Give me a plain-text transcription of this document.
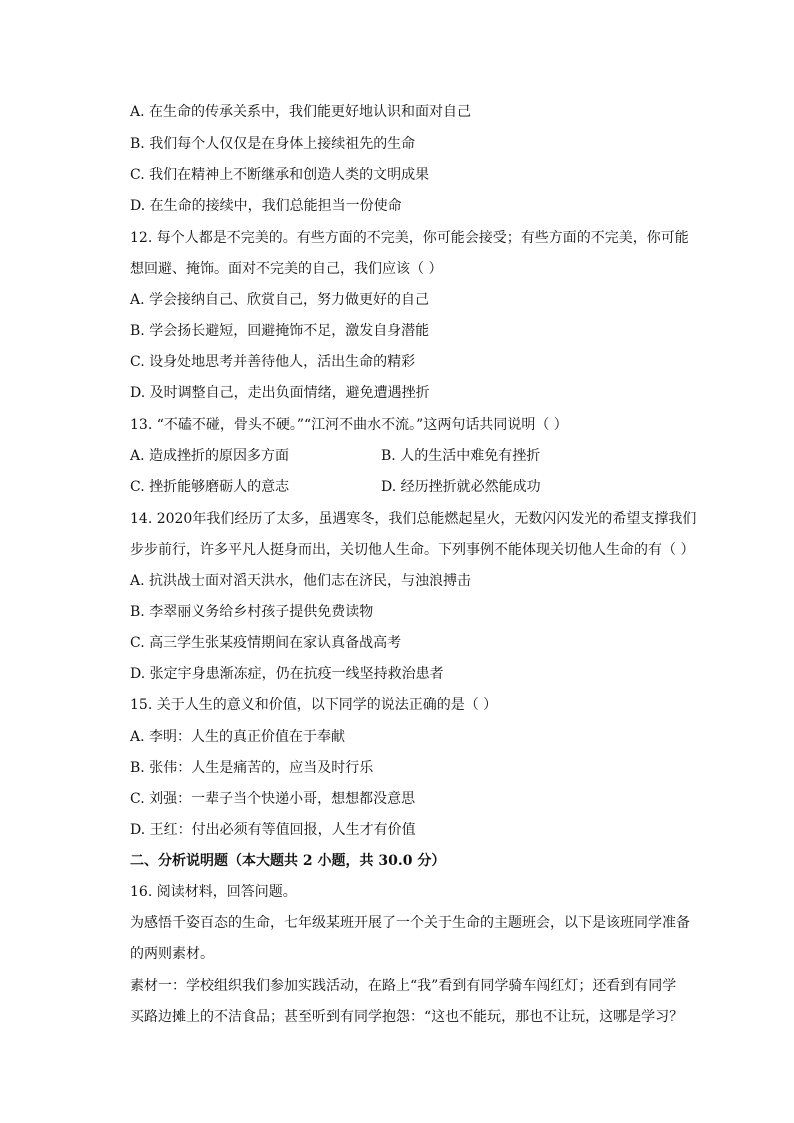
A. 在生命的传承关系中，我们能更好地认识和面对自己
B. 我们每个人仅仅是在身体上接续祖先的生命
C. 我们在精神上不断继承和创造人类的文明成果
D. 在生命的接续中，我们总能担当一份使命
12. 每个人都是不完美的。有些方面的不完美，你可能会接受；有些方面的不完美，你可能
想回避、掩饰。面对不完美的自己，我们应该（ ）
A. 学会接纳自己、欣赏自己，努力做更好的自己
B. 学会扬长避短，回避掩饰不足，激发自身潜能
C. 设身处地思考并善待他人，活出生命的精彩
D. 及时调整自己，走出负面情绪，避免遭遇挫折
13. “不磕不碰，骨头不硬。”“江河不曲水不流。”这两句话共同说明（ ）
A. 造成挫折的原因多方面	B. 人的生活中难免有挫折
C. 挫折能够磨砺人的意志	D. 经历挫折就必然能成功
14. 2020年我们经历了太多，虽遇寒冬，我们总能燃起星火，无数闪闪发光的希望支撑我们
步步前行，许多平凡人挺身而出，关切他人生命。下列事例不能体现关切他人生命的有（ ）
A. 抗洪战士面对滔天洪水，他们志在济民，与浊浪搏击
B. 李翠丽义务给乡村孩子提供免费读物
C. 高三学生张某疫情期间在家认真备战高考
D. 张定宇身患渐冻症，仍在抗疫一线坚持救治患者
15. 关于人生的意义和价值，以下同学的说法正确的是（ ）
A. 李明：人生的真正价值在于奉献
B. 张伟：人生是痛苦的，应当及时行乐
C. 刘强：一辈子当个快递小哥，想想都没意思
D. 王红：付出必须有等值回报，人生才有价值
二、分析说明题（本大题共 2 小题，共 30.0 分）
16. 阅读材料，回答问题。
为感悟千姿百态的生命，七年级某班开展了一个关于生命的主题班会，以下是该班同学准备
的两则素材。
素材一：学校组织我们参加实践活动，在路上“我”看到有同学骑车闯红灯；还看到有同学
买路边摊上的不洁食品；甚至听到有同学抱怨：“这也不能玩，那也不让玩，这哪是学习？
